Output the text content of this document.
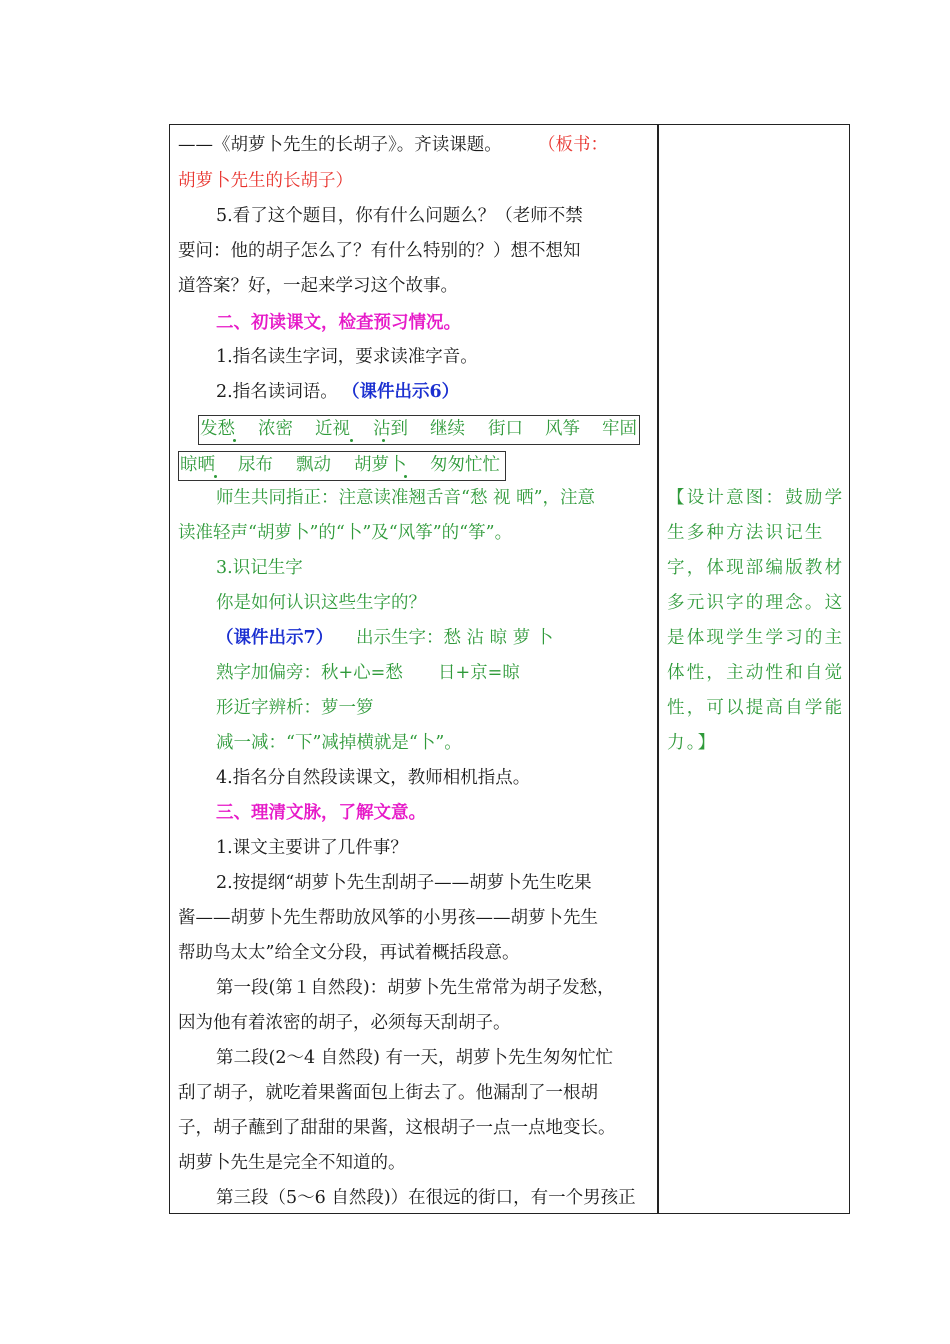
——《胡萝卜先生的长胡子》。齐读课题。 （板书：
胡萝卜先生的长胡子）
5.看了这个题目，你有什么问题么？（老师不禁
要问：他的胡子怎么了？有什么特别的？）想不想知
道答案？好，一起来学习这个故事。
二、初读课文，检查预习情况。
1.指名读生字词，要求读准字音。
2.指名读词语。 （课件出示6）
发愁 浓密 近视 沾到 继续 街口 风筝 牢固
晾晒 尿布 飘动 胡萝卜 匆匆忙忙
师生共同指正：注意读准翘舌音“愁 视 晒”，注意
读准轻声“胡萝卜”的“卜”及“风筝”的“筝”。
3.识记生字
你是如何认识这些生字的？
（课件出示7） 出示生字：愁 沾 晾 萝 卜
熟字加偏旁：秋+心=愁 日+京=晾
形近字辨析：萝一箩
减一减：“下”减掉横就是“卜”。
4.指名分自然段读课文，教师相机指点。
三、理清文脉，了解文意。
1.课文主要讲了几件事？
2.按提纲“胡萝卜先生刮胡子——胡萝卜先生吃果
酱——胡萝卜先生帮助放风筝的小男孩——胡萝卜先生
帮助鸟太太”给全文分段，再试着概括段意。
第一段(第１自然段)：胡萝卜先生常常为胡子发愁，
因为他有着浓密的胡子，必须每天刮胡子。
第二段(2～4 自然段) 有一天，胡萝卜先生匆匆忙忙
刮了胡子，就吃着果酱面包上街去了。他漏刮了一根胡
子，胡子蘸到了甜甜的果酱，这根胡子一点一点地变长。
胡萝卜先生是完全不知道的。
第三段（5～6 自然段)）在很远的街口，有一个男孩正
【设计意图：鼓励学
生多种方法识记生
字，体现部编版教材
多元识字的理念。这
是体现学生学习的主
体性，主动性和自觉
性，可以提高自学能
力。】
